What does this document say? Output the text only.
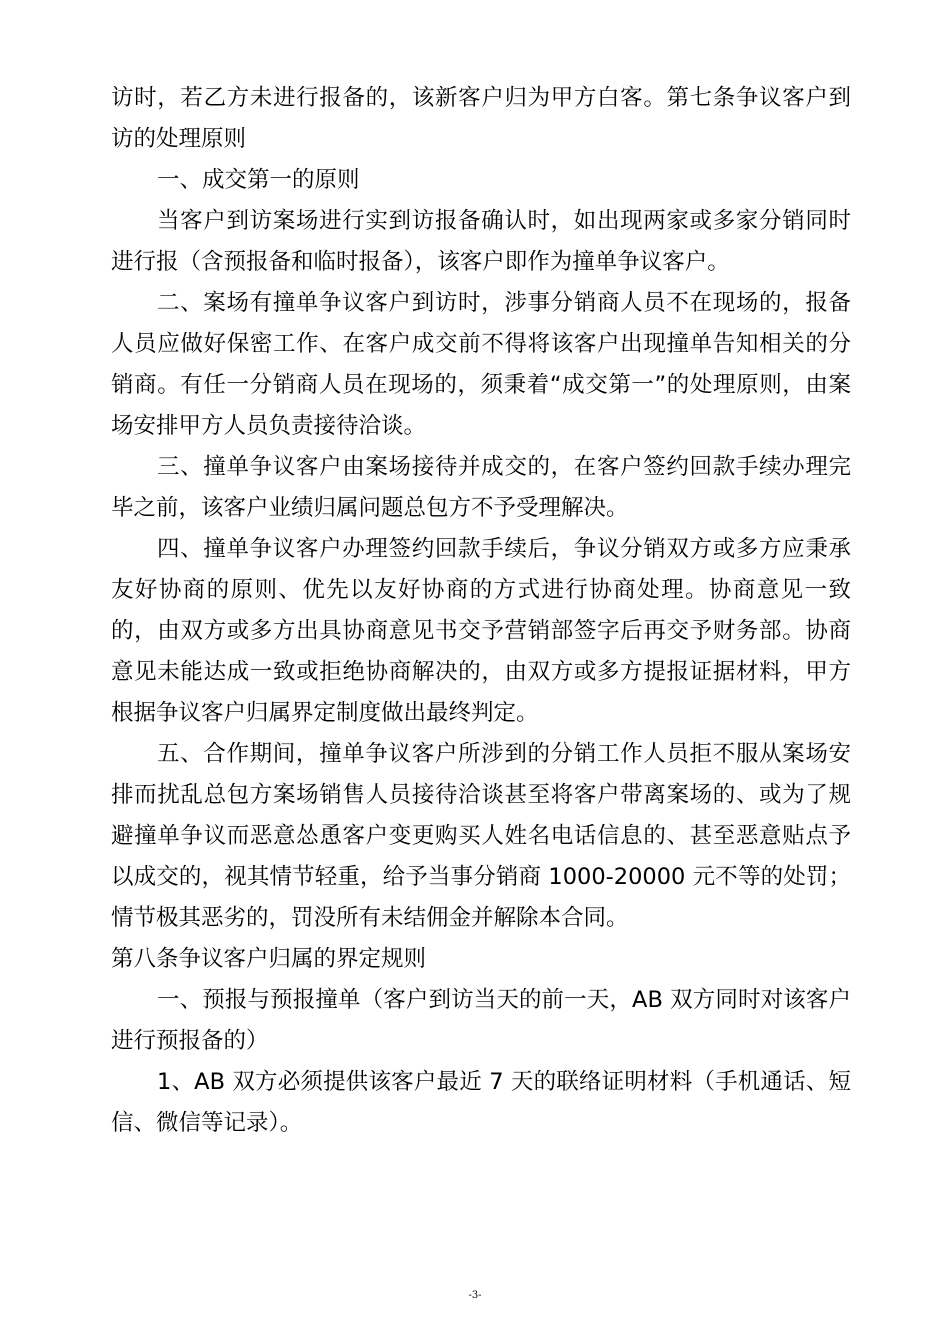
访时，若乙方未进行报备的，该新客户归为甲方白客。第七条争议客户到访的处理原则

一、成交第一的原则

当客户到访案场进行实到访报备确认时，如出现两家或多家分销同时进行报（含预报备和临时报备），该客户即作为撞单争议客户。

二、案场有撞单争议客户到访时，涉事分销商人员不在现场的，报备人员应做好保密工作、在客户成交前不得将该客户出现撞单告知相关的分销商。有任一分销商人员在现场的，须秉着“成交第一”的处理原则，由案场安排甲方人员负责接待洽谈。

三、撞单争议客户由案场接待并成交的，在客户签约回款手续办理完毕之前，该客户业绩归属问题总包方不予受理解决。

四、撞单争议客户办理签约回款手续后，争议分销双方或多方应秉承友好协商的原则、优先以友好协商的方式进行协商处理。协商意见一致的，由双方或多方出具协商意见书交予营销部签字后再交予财务部。协商意见未能达成一致或拒绝协商解决的，由双方或多方提报证据材料，甲方根据争议客户归属界定制度做出最终判定。

五、合作期间，撞单争议客户所涉到的分销工作人员拒不服从案场安排而扰乱总包方案场销售人员接待洽谈甚至将客户带离案场的、或为了规避撞单争议而恶意怂恿客户变更购买人姓名电话信息的、甚至恶意贴点予以成交的，视其情节轻重，给予当事分销商 1000-20000 元不等的处罚；情节极其恶劣的，罚没所有未结佣金并解除本合同。

第八条争议客户归属的界定规则

一、预报与预报撞单（客户到访当天的前一天，AB 双方同时对该客户进行预报备的）

1、AB 双方必须提供该客户最近 7 天的联络证明材料（手机通话、短信、微信等记录）。

-3-
